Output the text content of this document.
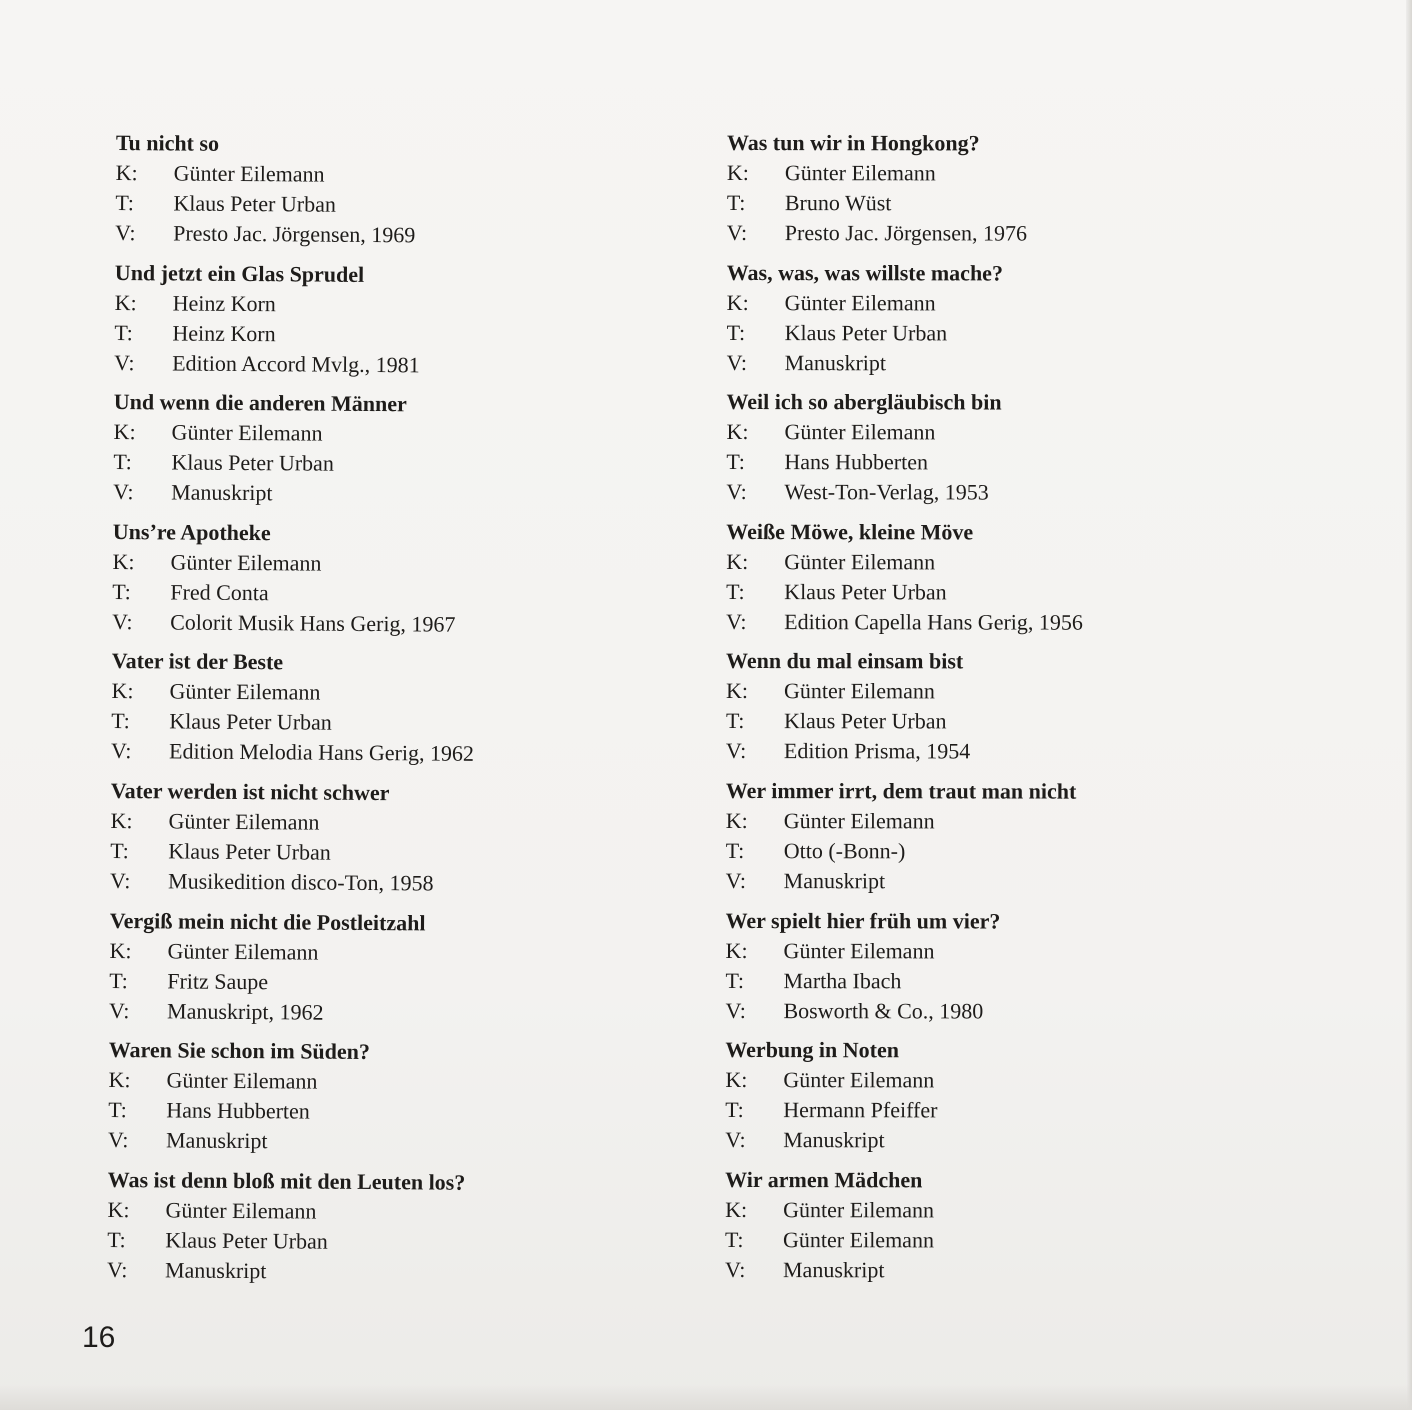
Tu nicht so
K:	Günter Eilemann
T:	Klaus Peter Urban
V:	Presto Jac. Jörgensen, 1969
Und jetzt ein Glas Sprudel
K:	Heinz Korn
T:	Heinz Korn
V:	Edition Accord Mvlg., 1981
Und wenn die anderen Männer
K:	Günter Eilemann
T:	Klaus Peter Urban
V:	Manuskript
Uns’re Apotheke
K:	Günter Eilemann
T:	Fred Conta
V:	Colorit Musik Hans Gerig, 1967
Vater ist der Beste
K:	Günter Eilemann
T:	Klaus Peter Urban
V:	Edition Melodia Hans Gerig, 1962
Vater werden ist nicht schwer
K:	Günter Eilemann
T:	Klaus Peter Urban
V:	Musikedition disco-Ton, 1958
Vergiß mein nicht die Postleitzahl
K:	Günter Eilemann
T:	Fritz Saupe
V:	Manuskript, 1962
Waren Sie schon im Süden?
K:	Günter Eilemann
T:	Hans Hubberten
V:	Manuskript
Was ist denn bloß mit den Leuten los?
K:	Günter Eilemann
T:	Klaus Peter Urban
V:	Manuskript
Was tun wir in Hongkong?
K:	Günter Eilemann
T:	Bruno Wüst
V:	Presto Jac. Jörgensen, 1976
Was, was, was willste mache?
K:	Günter Eilemann
T:	Klaus Peter Urban
V:	Manuskript
Weil ich so abergläubisch bin
K:	Günter Eilemann
T:	Hans Hubberten
V:	West-Ton-Verlag, 1953
Weiße Möwe, kleine Möve
K:	Günter Eilemann
T:	Klaus Peter Urban
V:	Edition Capella Hans Gerig, 1956
Wenn du mal einsam bist
K:	Günter Eilemann
T:	Klaus Peter Urban
V:	Edition Prisma, 1954
Wer immer irrt, dem traut man nicht
K:	Günter Eilemann
T:	Otto (-Bonn-)
V:	Manuskript
Wer spielt hier früh um vier?
K:	Günter Eilemann
T:	Martha Ibach
V:	Bosworth & Co., 1980
Werbung in Noten
K:	Günter Eilemann
T:	Hermann Pfeiffer
V:	Manuskript
Wir armen Mädchen
K:	Günter Eilemann
T:	Günter Eilemann
V:	Manuskript
16
